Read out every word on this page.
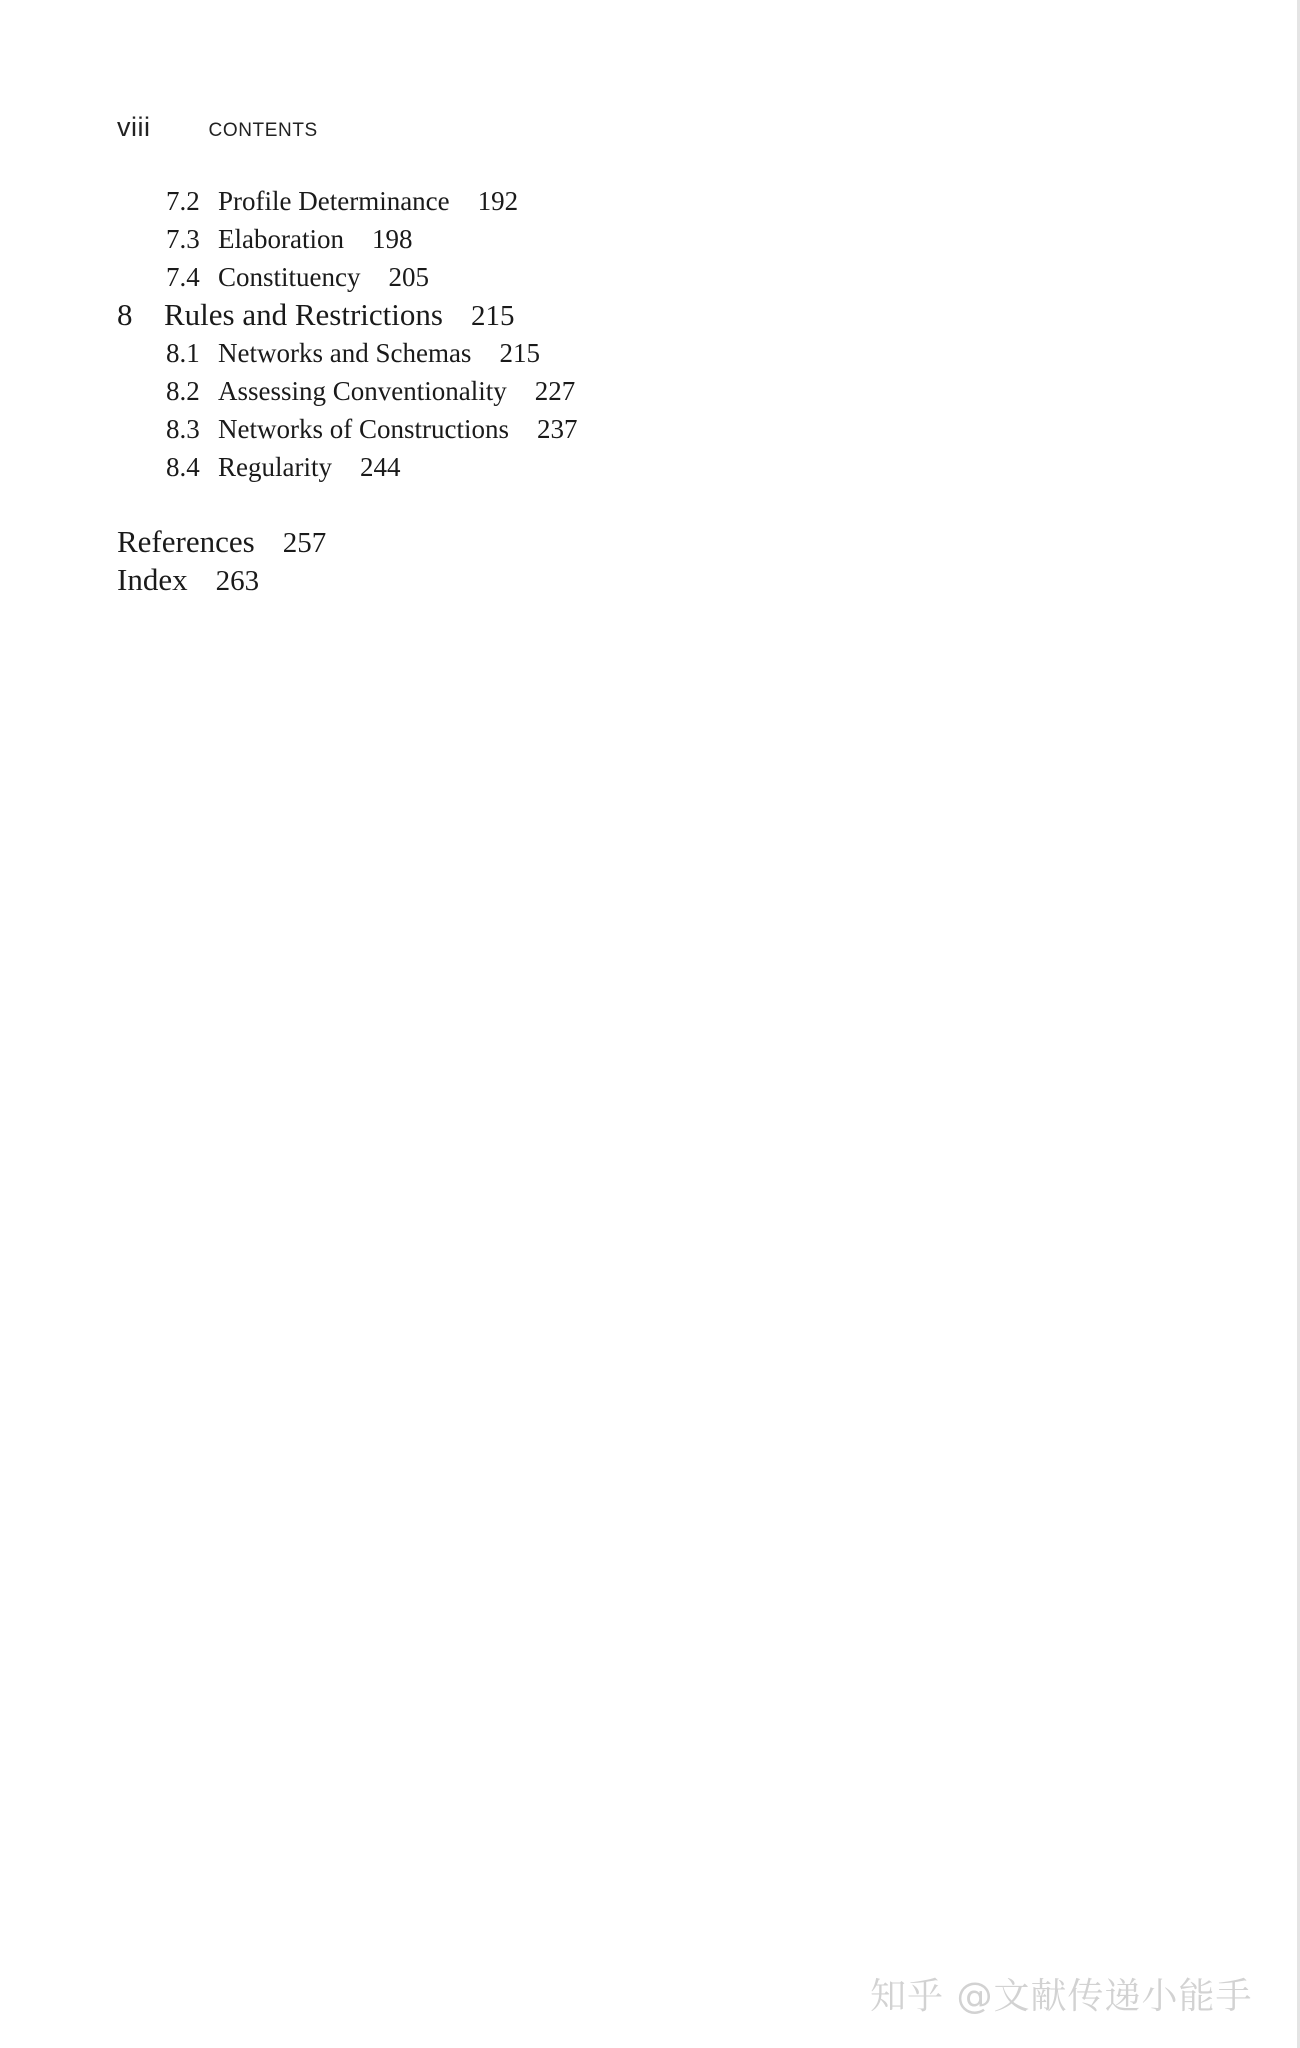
viii	CONTENTS
7.2 Profile Determinance 192
7.3 Elaboration 198
7.4 Constituency 205
8	Rules and Restrictions 215
8.1 Networks and Schemas 215
8.2 Assessing Conventionality 227
8.3 Networks of Constructions 237
8.4 Regularity 244
References 257
Index 263
知乎 @文献传递小能手
